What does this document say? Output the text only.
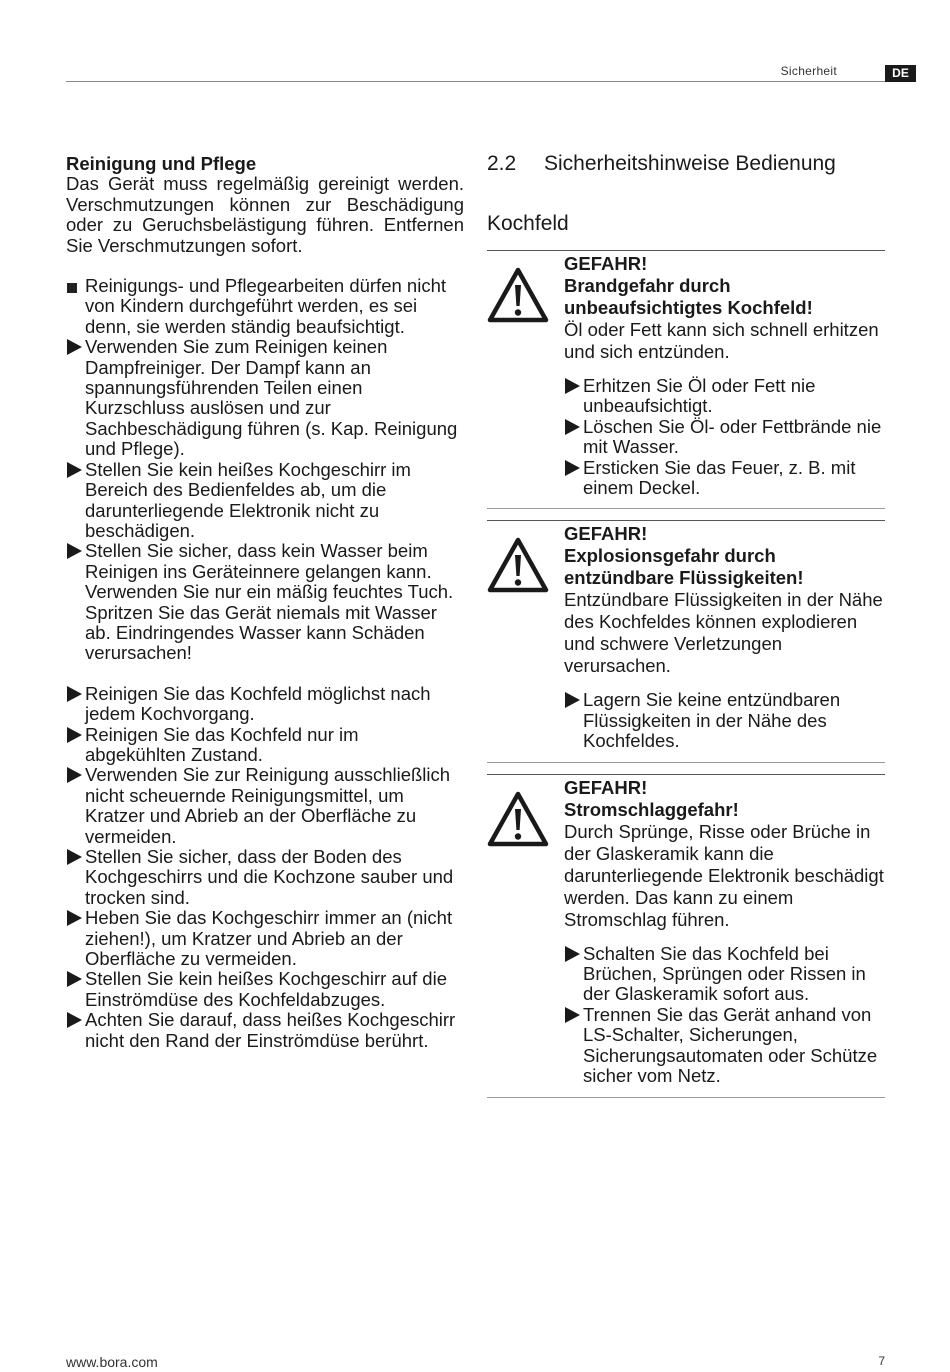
Sicherheit	DE
Reinigung und Pflege
Das Gerät muss regelmäßig gereinigt werden. Verschmutzungen können zur Beschädigung oder zu Geruchsbelästigung führen. Entfernen Sie Verschmutzungen sofort.
Reinigungs- und Pflegearbeiten dürfen nicht von Kindern durchgeführt werden, es sei denn, sie werden ständig beaufsichtigt.
Verwenden Sie zum Reinigen keinen Dampfreiniger. Der Dampf kann an spannungsführenden Teilen einen Kurzschluss auslösen und zur Sachbeschädigung führen (s. Kap. Reinigung und Pflege).
Stellen Sie kein heißes Kochgeschirr im Bereich des Bedienfeldes ab, um die darunterliegende Elektronik nicht zu beschädigen.
Stellen Sie sicher, dass kein Wasser beim Reinigen ins Geräteinnere gelangen kann. Verwenden Sie nur ein mäßig feuchtes Tuch. Spritzen Sie das Gerät niemals mit Wasser ab. Eindringendes Wasser kann Schäden verursachen!
Reinigen Sie das Kochfeld möglichst nach jedem Kochvorgang.
Reinigen Sie das Kochfeld nur im abgekühlten Zustand.
Verwenden Sie zur Reinigung ausschließlich nicht scheuernde Reinigungsmittel, um Kratzer und Abrieb an der Oberfläche zu vermeiden.
Stellen Sie sicher, dass der Boden des Kochgeschirrs und die Kochzone sauber und trocken sind.
Heben Sie das Kochgeschirr immer an (nicht ziehen!), um Kratzer und Abrieb an der Oberfläche zu vermeiden.
Stellen Sie kein heißes Kochgeschirr auf die Einströmdüse des Kochfeldabzuges.
Achten Sie darauf, dass heißes Kochgeschirr nicht den Rand der Einströmdüse berührt.
2.2	Sicherheitshinweise Bedienung
Kochfeld
GEFAHR!
Brandgefahr durch unbeaufsichtigtes Kochfeld!
Öl oder Fett kann sich schnell erhitzen und sich entzünden.
Erhitzen Sie Öl oder Fett nie unbeaufsichtigt.
Löschen Sie Öl- oder Fettbrände nie mit Wasser.
Ersticken Sie das Feuer, z. B. mit einem Deckel.
GEFAHR!
Explosionsgefahr durch entzündbare Flüssigkeiten!
Entzündbare Flüssigkeiten in der Nähe des Kochfeldes können explodieren und schwere Verletzungen verursachen.
Lagern Sie keine entzündbaren Flüssigkeiten in der Nähe des Kochfeldes.
GEFAHR!
Stromschlaggefahr!
Durch Sprünge, Risse oder Brüche in der Glaskeramik kann die darunterliegende Elektronik beschädigt werden. Das kann zu einem Stromschlag führen.
Schalten Sie das Kochfeld bei Brüchen, Sprüngen oder Rissen in der Glaskeramik sofort aus.
Trennen Sie das Gerät anhand von LS-Schalter, Sicherungen, Sicherungsautomaten oder Schütze sicher vom Netz.
www.bora.com	7
